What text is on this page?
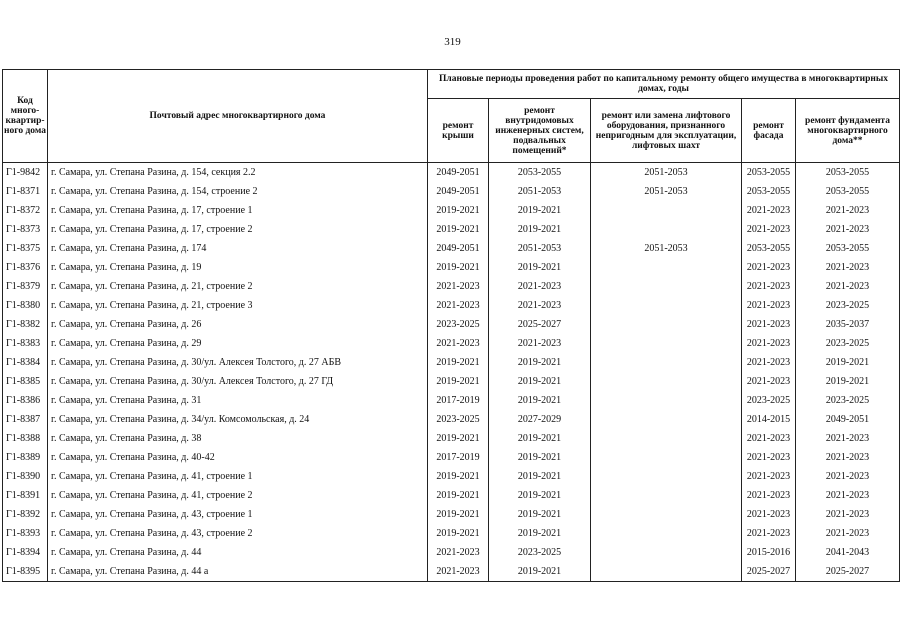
319
Код много-квартир-ного дома	Почтовый адрес многоквартирного дома	Плановые периоды проведения работ по капитальному ремонту общего имущества в многоквартирных домах, годы				
		ремонт крыши	ремонт внутридомовых инженерных систем, подвальных помещений*	ремонт или замена лифтового оборудования, признанного непригодным для эксплуатации, лифтовых шахт	ремонт фасада	ремонт фундамента многоквартирного дома**
Г1-9842	г. Самара, ул. Степана Разина, д. 154, секция 2.2	2049-2051	2053-2055	2051-2053	2053-2055	2053-2055
Г1-8371	г. Самара, ул. Степана Разина, д. 154, строение 2	2049-2051	2051-2053	2051-2053	2053-2055	2053-2055
Г1-8372	г. Самара, ул. Степана Разина, д. 17, строение 1	2019-2021	2019-2021		2021-2023	2021-2023
Г1-8373	г. Самара, ул. Степана Разина, д. 17, строение 2	2019-2021	2019-2021		2021-2023	2021-2023
Г1-8375	г. Самара, ул. Степана Разина, д. 174	2049-2051	2051-2053	2051-2053	2053-2055	2053-2055
Г1-8376	г. Самара, ул. Степана Разина, д. 19	2019-2021	2019-2021		2021-2023	2021-2023
Г1-8379	г. Самара, ул. Степана Разина, д. 21, строение 2	2021-2023	2021-2023		2021-2023	2021-2023
Г1-8380	г. Самара, ул. Степана Разина, д. 21, строение 3	2021-2023	2021-2023		2021-2023	2023-2025
Г1-8382	г. Самара, ул. Степана Разина, д. 26	2023-2025	2025-2027		2021-2023	2035-2037
Г1-8383	г. Самара, ул. Степана Разина, д. 29	2021-2023	2021-2023		2021-2023	2023-2025
Г1-8384	г. Самара, ул. Степана Разина, д. 30/ул. Алексея Толстого, д. 27 АБВ	2019-2021	2019-2021		2021-2023	2019-2021
Г1-8385	г. Самара, ул. Степана Разина, д. 30/ул. Алексея Толстого, д. 27 ГД	2019-2021	2019-2021		2021-2023	2019-2021
Г1-8386	г. Самара, ул. Степана Разина, д. 31	2017-2019	2019-2021		2023-2025	2023-2025
Г1-8387	г. Самара, ул. Степана Разина, д. 34/ул. Комсомольская, д. 24	2023-2025	2027-2029		2014-2015	2049-2051
Г1-8388	г. Самара, ул. Степана Разина, д. 38	2019-2021	2019-2021		2021-2023	2021-2023
Г1-8389	г. Самара, ул. Степана Разина, д. 40-42	2017-2019	2019-2021		2021-2023	2021-2023
Г1-8390	г. Самара, ул. Степана Разина, д. 41, строение 1	2019-2021	2019-2021		2021-2023	2021-2023
Г1-8391	г. Самара, ул. Степана Разина, д. 41, строение 2	2019-2021	2019-2021		2021-2023	2021-2023
Г1-8392	г. Самара, ул. Степана Разина, д. 43, строение 1	2019-2021	2019-2021		2021-2023	2021-2023
Г1-8393	г. Самара, ул. Степана Разина, д. 43, строение 2	2019-2021	2019-2021		2021-2023	2021-2023
Г1-8394	г. Самара, ул. Степана Разина, д. 44	2021-2023	2023-2025		2015-2016	2041-2043
Г1-8395	г. Самара, ул. Степана Разина, д. 44 а	2021-2023	2019-2021		2025-2027	2025-2027
